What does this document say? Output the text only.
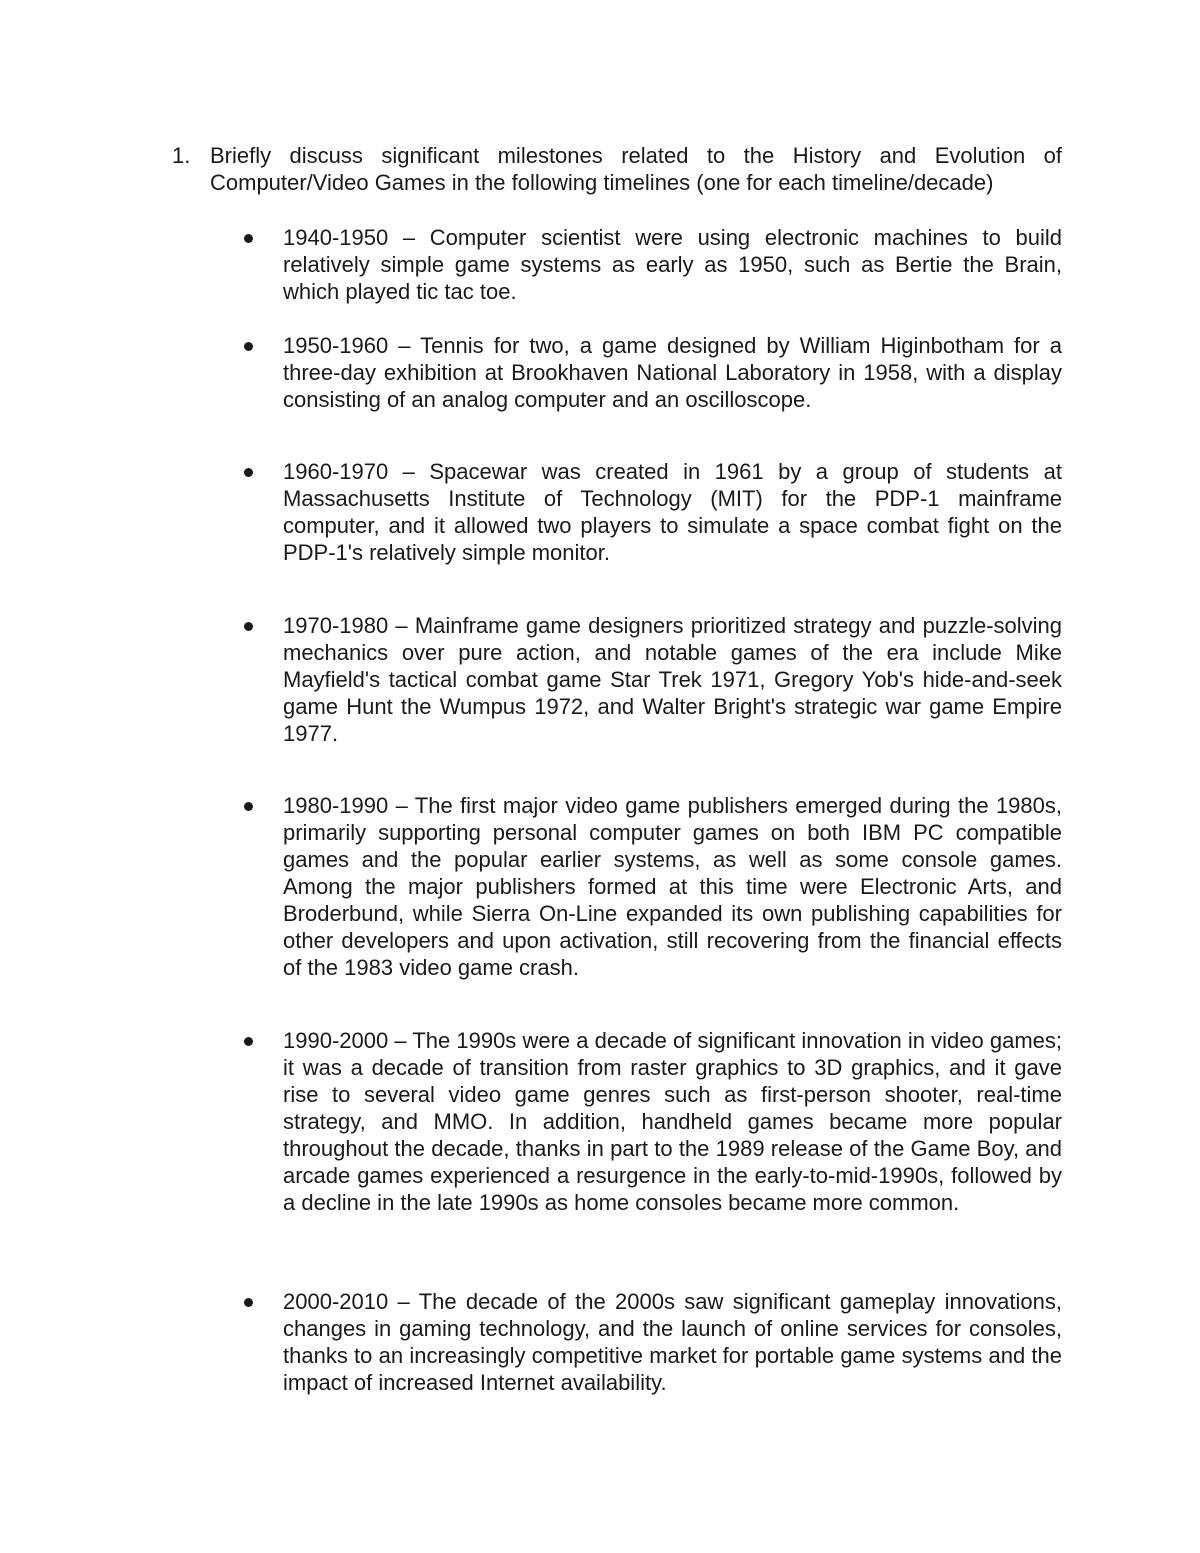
1. Briefly discuss significant milestones related to the History and Evolution of Computer/Video Games in the following timelines (one for each timeline/decade)
1940-1950 – Computer scientist were using electronic machines to build relatively simple game systems as early as 1950, such as Bertie the Brain, which played tic tac toe.
1950-1960 – Tennis for two, a game designed by William Higinbotham for a three-day exhibition at Brookhaven National Laboratory in 1958, with a display consisting of an analog computer and an oscilloscope.
1960-1970 – Spacewar was created in 1961 by a group of students at Massachusetts Institute of Technology (MIT) for the PDP-1 mainframe computer, and it allowed two players to simulate a space combat fight on the PDP-1's relatively simple monitor.
1970-1980 – Mainframe game designers prioritized strategy and puzzle-solving mechanics over pure action, and notable games of the era include Mike Mayfield's tactical combat game Star Trek 1971, Gregory Yob's hide-and-seek game Hunt the Wumpus 1972, and Walter Bright's strategic war game Empire 1977.
1980-1990 – The first major video game publishers emerged during the 1980s, primarily supporting personal computer games on both IBM PC compatible games and the popular earlier systems, as well as some console games. Among the major publishers formed at this time were Electronic Arts, and Broderbund, while Sierra On-Line expanded its own publishing capabilities for other developers and upon activation, still recovering from the financial effects of the 1983 video game crash.
1990-2000 – The 1990s were a decade of significant innovation in video games; it was a decade of transition from raster graphics to 3D graphics, and it gave rise to several video game genres such as first-person shooter, real-time strategy, and MMO. In addition, handheld games became more popular throughout the decade, thanks in part to the 1989 release of the Game Boy, and arcade games experienced a resurgence in the early-to-mid-1990s, followed by a decline in the late 1990s as home consoles became more common.
2000-2010 – The decade of the 2000s saw significant gameplay innovations, changes in gaming technology, and the launch of online services for consoles, thanks to an increasingly competitive market for portable game systems and the impact of increased Internet availability.
